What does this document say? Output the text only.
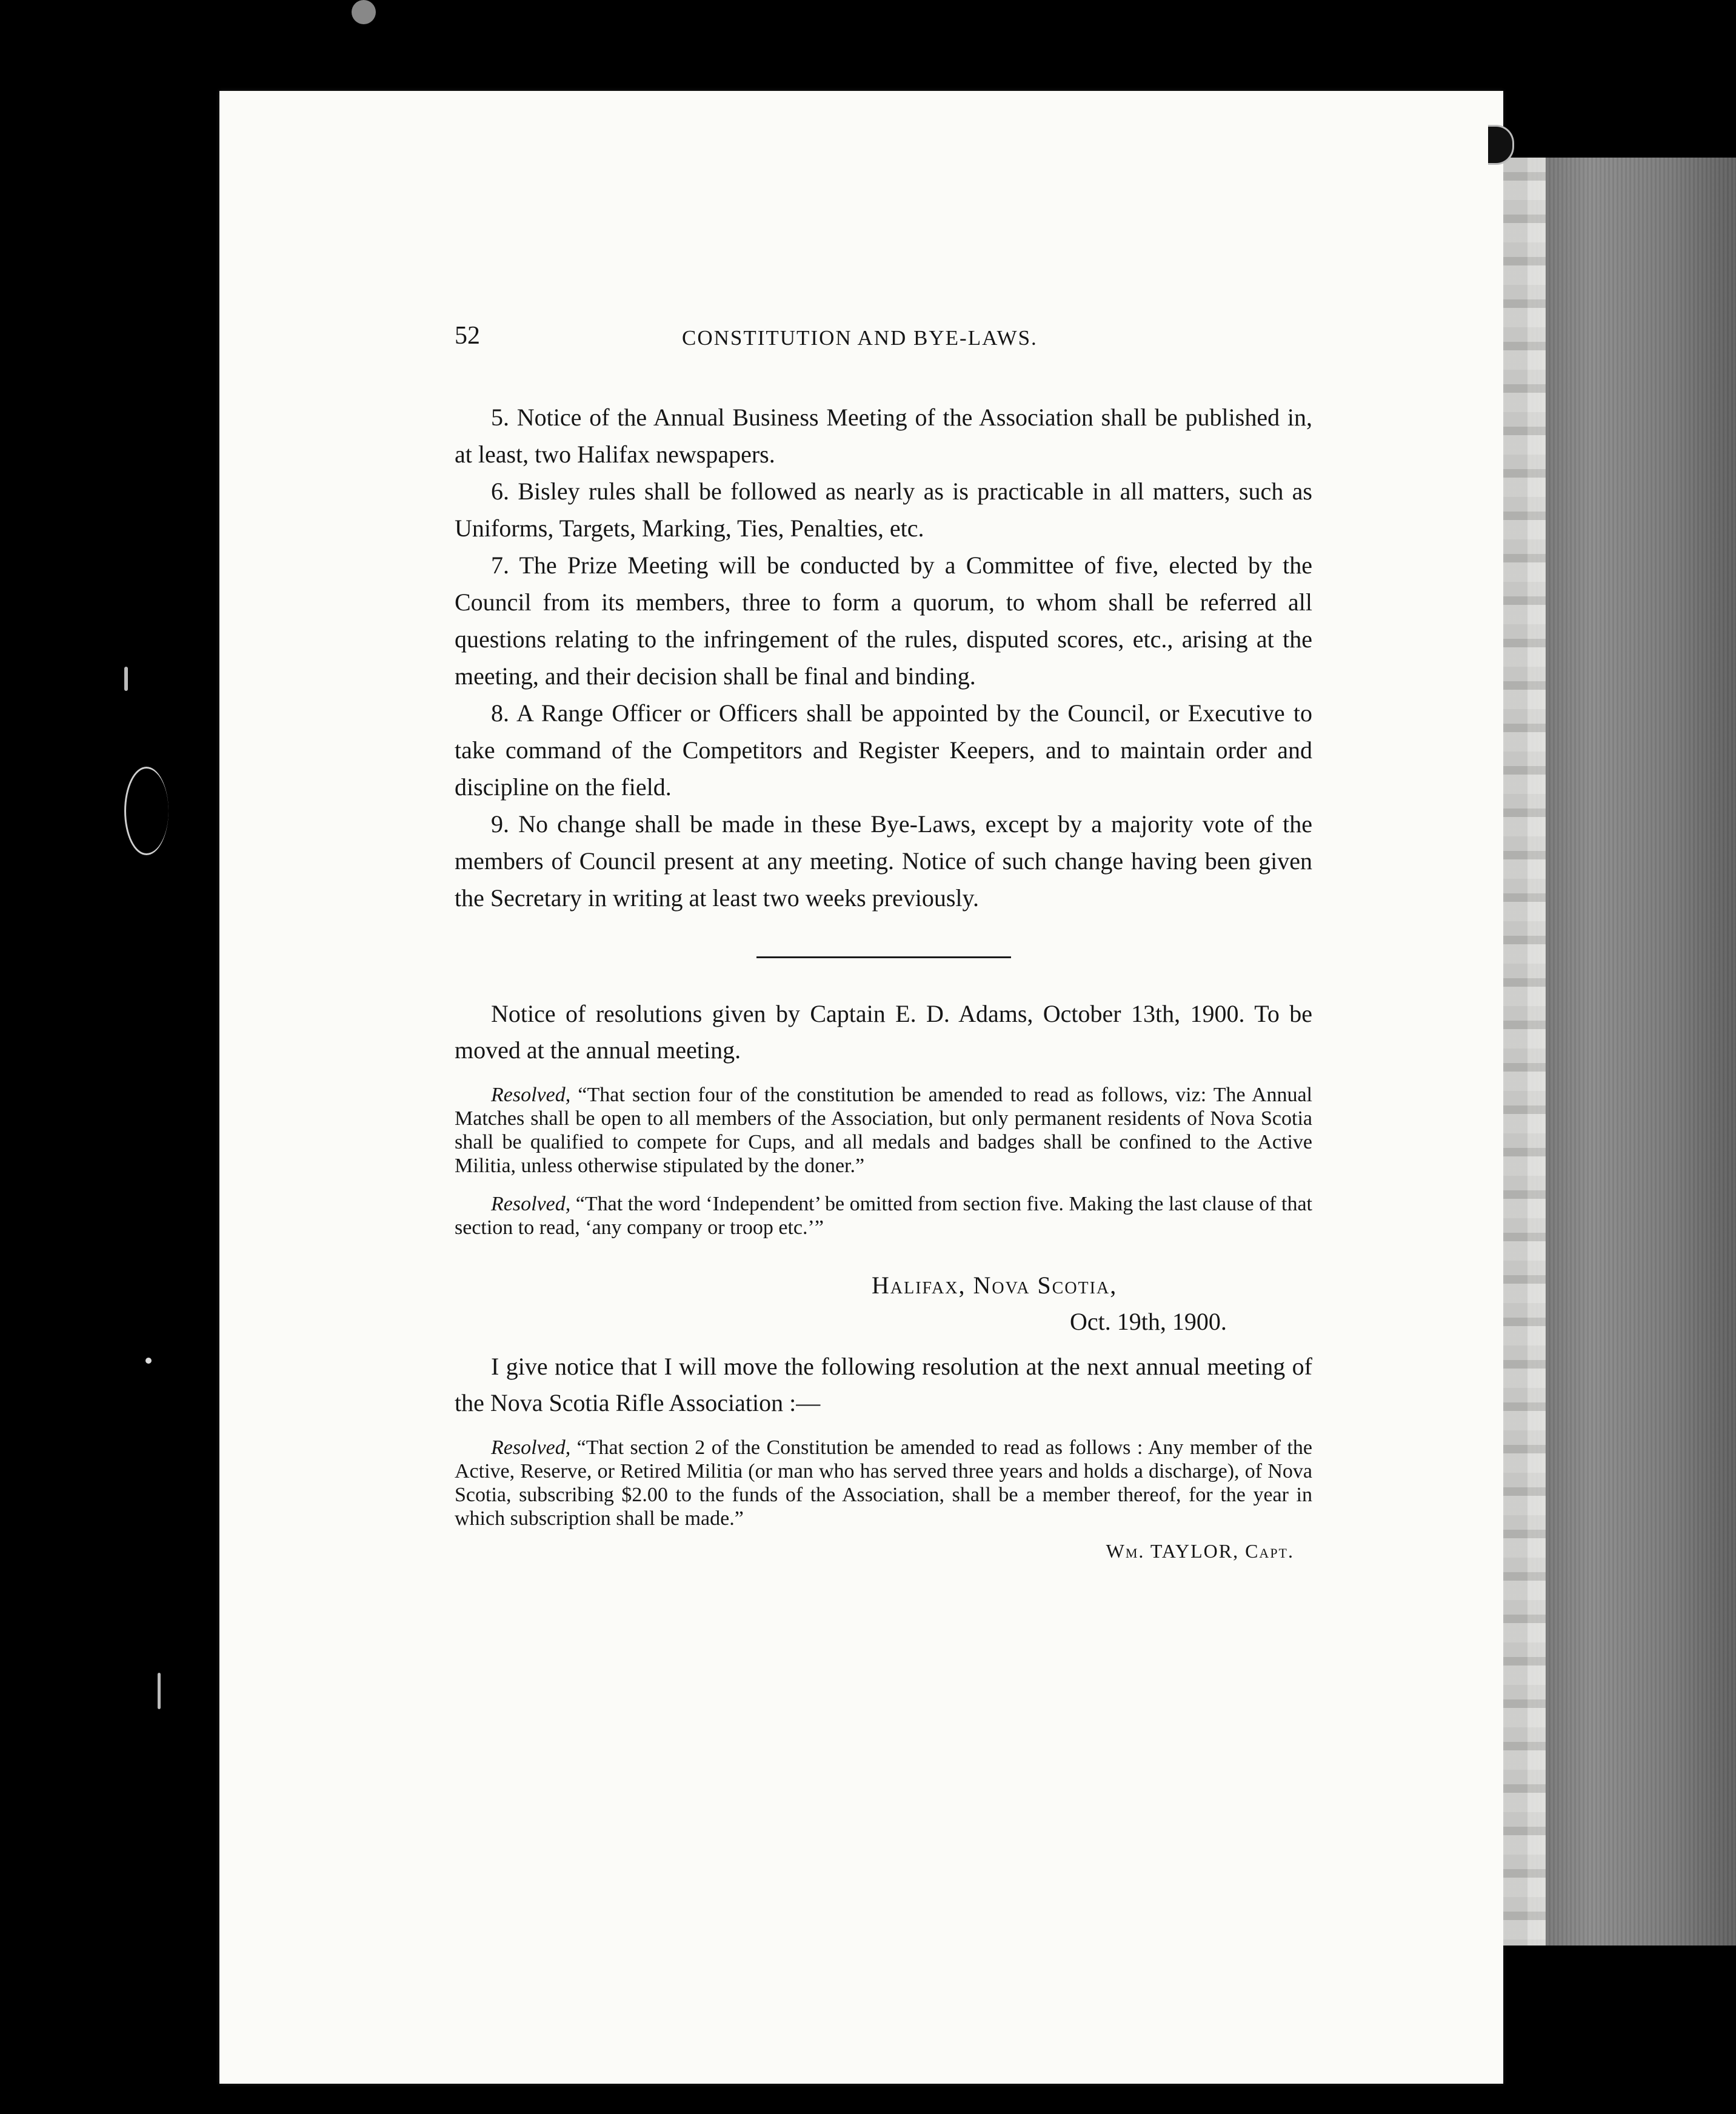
52	CONSTITUTION AND BYE-LAWS.

5. Notice of the Annual Business Meeting of the Association shall be published in, at least, two Halifax newspapers.

6. Bisley rules shall be followed as nearly as is practicable in all matters, such as Uniforms, Targets, Marking, Ties, Penalties, etc.

7. The Prize Meeting will be conducted by a Committee of five, elected by the Council from its members, three to form a quorum, to whom shall be referred all questions relating to the infringement of the rules, disputed scores, etc., arising at the meeting, and their decision shall be final and binding.

8. A Range Officer or Officers shall be appointed by the Council, or Executive to take command of the Competitors and Register Keepers, and to maintain order and discipline on the field.

9. No change shall be made in these Bye-Laws, except by a majority vote of the members of Council present at any meeting. Notice of such change having been given the Secretary in writing at least two weeks previously.

Notice of resolutions given by Captain E. D. Adams, October 13th, 1900. To be moved at the annual meeting.
Resolved, “That section four of the constitution be amended to read as follows, viz: The Annual Matches shall be open to all members of the Association, but only permanent residents of Nova Scotia shall be qualified to compete for Cups, and all medals and badges shall be confined to the Active Militia, unless otherwise stipulated by the doner.”
Resolved, “That the word ‘Independent’ be omitted from section five. Making the last clause of that section to read, ‘any company or troop etc.’”
Halifax, Nova Scotia,
Oct. 19th, 1900.
I give notice that I will move the following resolution at the next annual meeting of the Nova Scotia Rifle Association :—
Resolved, “That section 2 of the Constitution be amended to read as follows : Any member of the Active, Reserve, or Retired Militia (or man who has served three years and holds a discharge), of Nova Scotia, subscribing $2.00 to the funds of the Association, shall be a member thereof, for the year in which subscription shall be made.”
Wm. TAYLOR, Capt.
